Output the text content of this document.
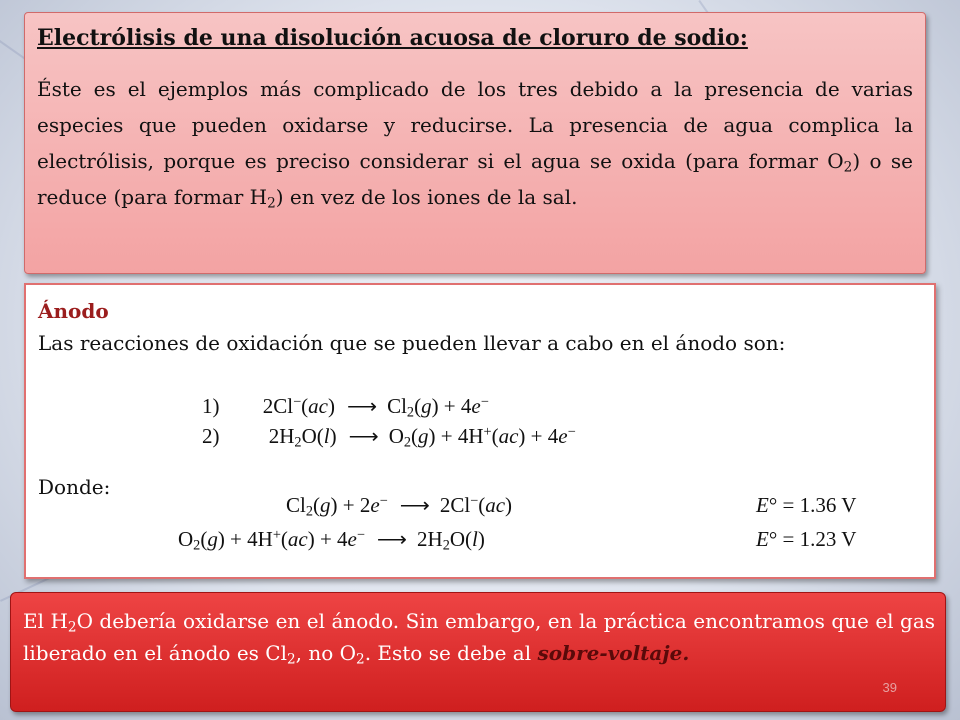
Electrólisis de una disolución acuosa de cloruro de sodio:

Éste es el ejemplos más complicado de los tres debido a la presencia de varias especies que pueden oxidarse y reducirse. La presencia de agua complica la electrólisis, porque es preciso considerar si el agua se oxida (para formar $O_2$) o se reduce (para formar $H_2$) en vez de los iones de la sal.

Ánodo
Las reacciones de oxidación que se pueden llevar a cabo en el ánodo son:
Donde:
1) 2Cl−(ac) ⟶ $Cl_2(g) + 4e^-$
2) $2H_2O(l)$ ⟶ $O_2(g) + 4H^+(ac) + 4e^-$
$Cl_2(g) + 2e^-$ ⟶ 2Cl−(ac)	E° = 1.36 V
$O_2(g) + 4H^+(ac) + 4e^-$ ⟶ $2H_2O(l)$	E° = 1.23 V

El $H_2O$ debería oxidarse en el ánodo. Sin embargo, en la práctica encontramos que el gas liberado en el ánodo es $Cl_2$, no $O_2$. Esto se debe al sobre-voltaje.

39
